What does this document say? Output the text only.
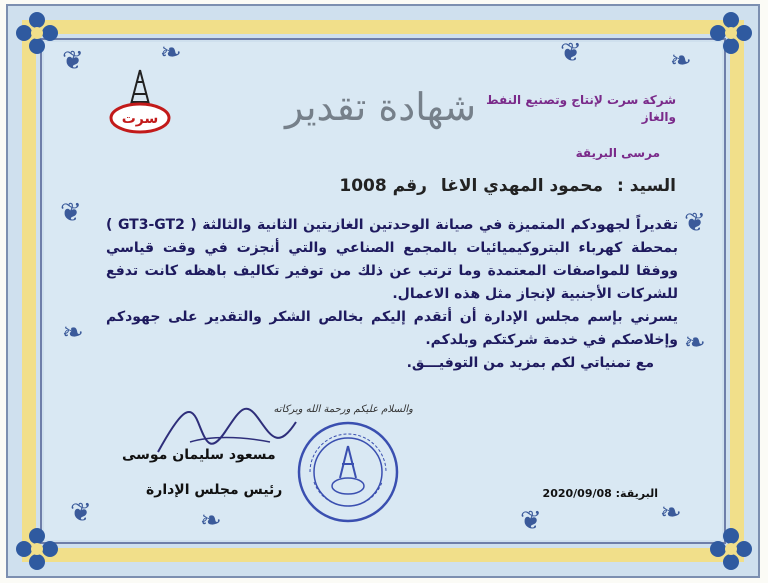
❦	❧	❦	❧
❦
❧
❦
❧
❦	❧	❦	❧
سرت	شهادة تقدير شركة سرت لإنتاج وتصنيع النفط والغاز
مرسى البريقة
السيد :محمود المهدي الاغارقم 1008

تقديراً لجهودكم المتميزة في صيانة الوحدتين الغازيتين الثانية والثالثة ( GT3-GT2 ) بمحطة كهرباء البتروكيميائيات بالمجمع الصناعي والتي أنجزت في وقت قياسي ووفقا للمواصفات المعتمدة وما ترتب عن ذلك من توفير تكاليف باهظه كانت تدفع للشركات الأجنبية لإنجاز مثل هذه الاعمال.

يسرني بإسم مجلس الإدارة أن أتقدم إليكم بخالص الشكر والتقدير على جهودكم وإخلاصكم في خدمة شركتكم وبلدكم.

مع تمنياتي لكم بمزيد من التوفيـــق.

والسلام عليكم ورحمة الله وبركاته
مسعود سليمان موسى
رئيس مجلس الإدارة	البريقة: 2020/09/08
